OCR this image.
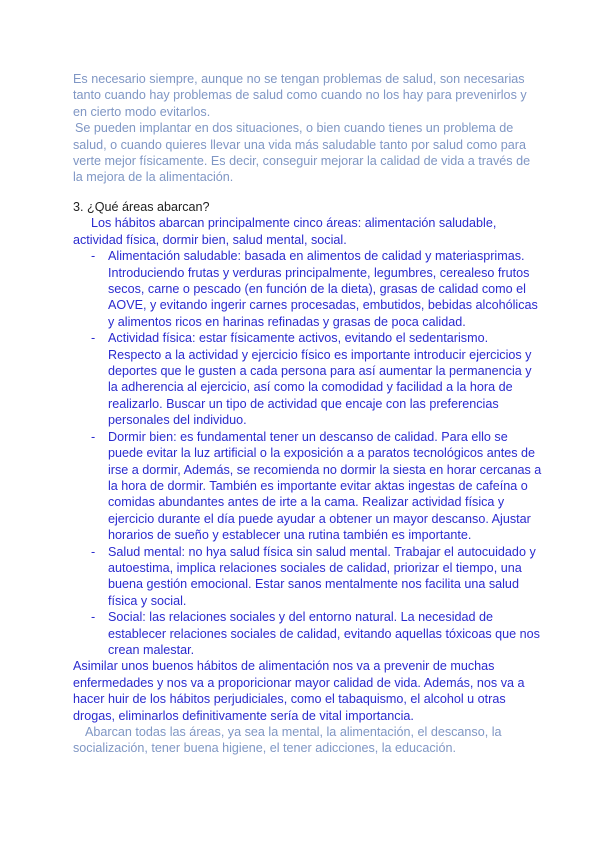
Es necesario siempre, aunque no se tengan problemas de salud, son necesarias tanto cuando hay problemas de salud como cuando no los hay para prevenirlos y en cierto modo evitarlos.

Se pueden implantar en dos situaciones, o bien cuando tienes un problema de salud, o cuando quieres llevar una vida más saludable tanto por salud como para verte mejor físicamente. Es decir, conseguir mejorar la calidad de vida a través de la mejora de la alimentación.

3. ¿Qué áreas abarcan?

Los hábitos abarcan principalmente cinco áreas: alimentación saludable, actividad física, dormir bien, salud mental, social.

- Alimentación saludable: basada en alimentos de calidad y materiasprimas. Introduciendo frutas y verduras principalmente, legumbres, cerealeso frutos secos, carne o pescado (en función de la dieta), grasas de calidad como el AOVE, y evitando ingerir carnes procesadas, embutidos, bebidas alcohólicas y alimentos ricos en harinas refinadas y grasas de poca calidad.
- Actividad física: estar físicamente activos, evitando el sedentarismo. Respecto a la actividad y ejercicio físico es importante introducir ejercicios y deportes que le gusten a cada persona para así aumentar la permanencia y la adherencia al ejercicio, así como la comodidad y facilidad a la hora de realizarlo. Buscar un tipo de actividad que encaje con las preferencias personales del individuo.
- Dormir bien: es fundamental tener un descanso de calidad. Para ello se puede evitar la luz artificial o la exposición a a paratos tecnológicos antes de irse a dormir, Además, se recomienda no dormir la siesta en horar cercanas a la hora de dormir. También es importante evitar aktas ingestas de cafeína o comidas abundantes antes de irte a la cama. Realizar actividad física y ejercicio durante el día puede ayudar a obtener un mayor descanso. Ajustar horarios de sueño y establecer una rutina también es importante.
- Salud mental: no hya salud física sin salud mental. Trabajar el autocuidado y autoestima, implica relaciones sociales de calidad, priorizar el tiempo, una buena gestión emocional. Estar sanos mentalmente nos facilita una salud física y social.
- Social: las relaciones sociales y del entorno natural. La necesidad de establecer relaciones sociales de calidad, evitando aquellas tóxicoas que nos crean malestar.

Asimilar unos buenos hábitos de alimentación nos va a prevenir de muchas enfermedades y nos va a proporicionar mayor calidad de vida. Además, nos va a hacer huir de los hábitos perjudiciales, como el tabaquismo, el alcohol u otras drogas, eliminarlos definitivamente sería de vital importancia.

Abarcan todas las áreas, ya sea la mental, la alimentación, el descanso, la socialización, tener buena higiene, el tener adicciones, la educación.
